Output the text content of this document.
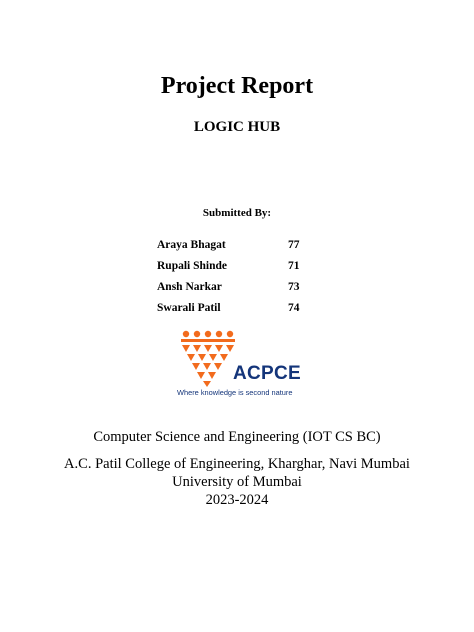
Project Report
LOGIC HUB
Submitted By:
Araya Bhagat	77
Rupali Shinde	71
Ansh Narkar	73
Swarali Patil	74
ACPCE
Where knowledge is second nature
Computer Science and Engineering (IOT CS BC)
A.C. Patil College of Engineering, Kharghar, Navi Mumbai
University of Mumbai
2023-2024
